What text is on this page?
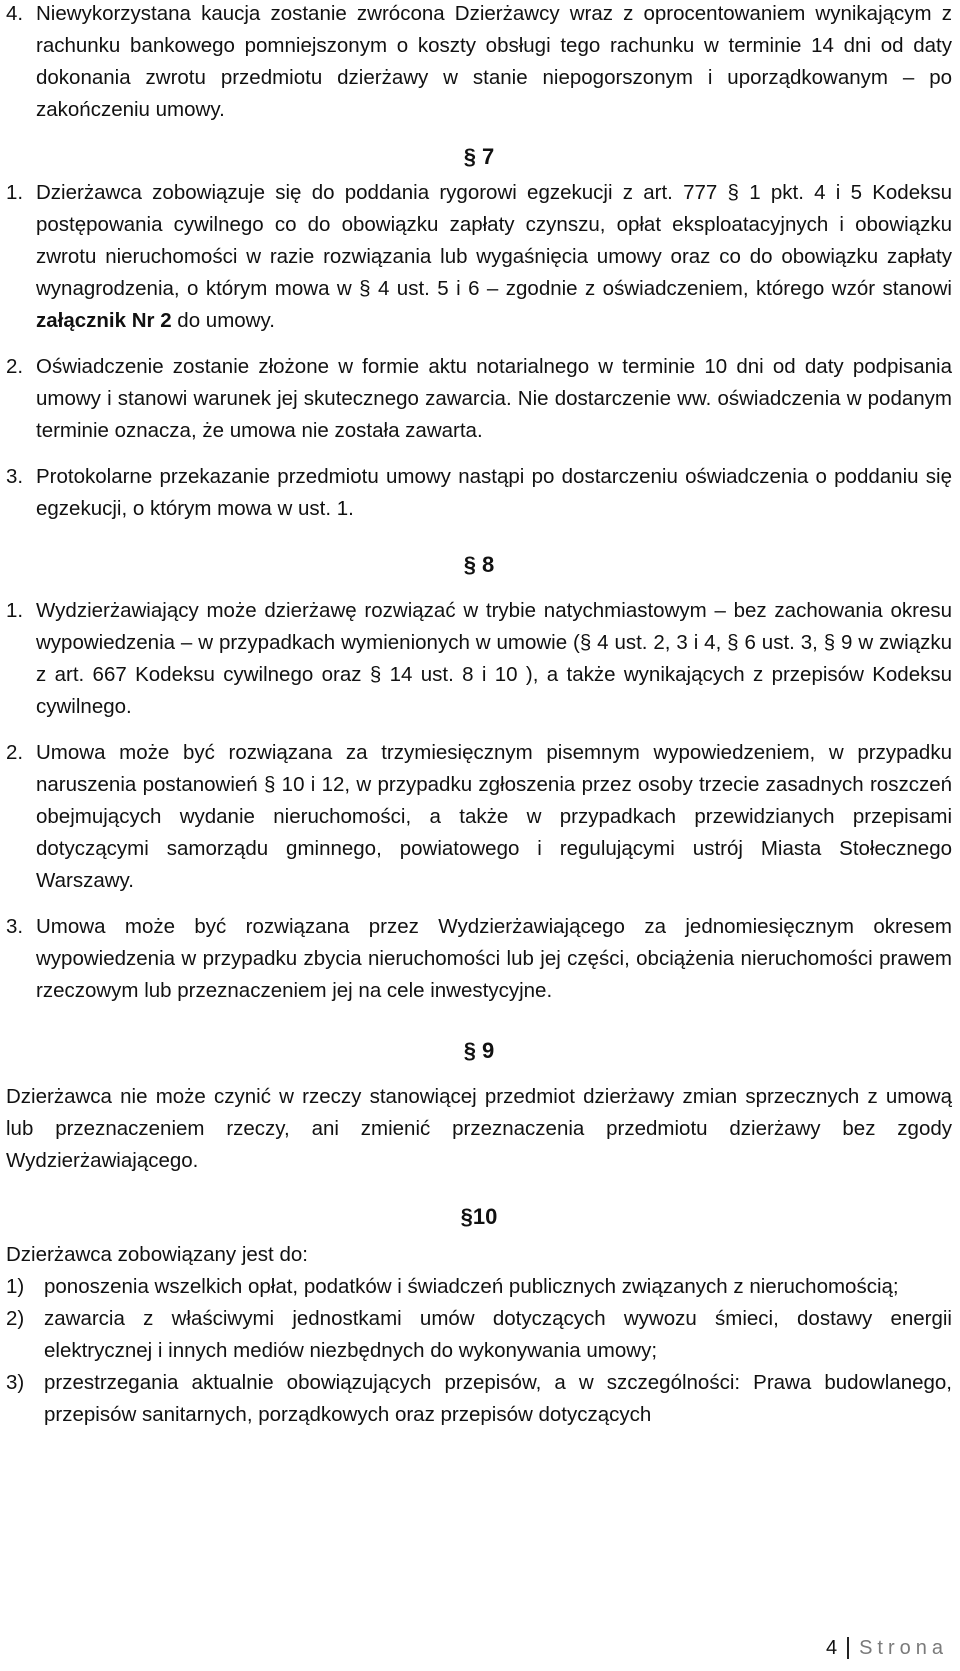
4. Niewykorzystana kaucja zostanie zwrócona Dzierżawcy wraz z oprocentowaniem wynikającym z rachunku bankowego pomniejszonym o koszty obsługi tego rachunku w terminie 14 dni od daty dokonania zwrotu przedmiotu dzierżawy w stanie niepogorszonym i uporządkowanym – po zakończeniu umowy.

§ 7

1. Dzierżawca zobowiązuje się do poddania rygorowi egzekucji z art. 777 § 1 pkt. 4 i 5 Kodeksu postępowania cywilnego co do obowiązku zapłaty czynszu, opłat eksploatacyjnych i obowiązku zwrotu nieruchomości w razie rozwiązania lub wygaśnięcia umowy oraz co do obowiązku zapłaty wynagrodzenia, o którym mowa w § 4 ust. 5 i 6 – zgodnie z oświadczeniem, którego wzór stanowi załącznik Nr 2 do umowy.

2. Oświadczenie zostanie złożone w formie aktu notarialnego w terminie 10 dni od daty podpisania umowy i stanowi warunek jej skutecznego zawarcia. Nie dostarczenie ww. oświadczenia w podanym terminie oznacza, że umowa nie została zawarta.

3. Protokolarne przekazanie przedmiotu umowy nastąpi po dostarczeniu oświadczenia o poddaniu się egzekucji, o którym mowa w ust. 1.

§ 8

1. Wydzierżawiający może dzierżawę rozwiązać w trybie natychmiastowym – bez zachowania okresu wypowiedzenia – w przypadkach wymienionych w umowie (§ 4 ust. 2, 3 i 4, § 6 ust. 3, § 9 w związku z art. 667 Kodeksu cywilnego oraz § 14 ust. 8 i 10 ), a także wynikających z przepisów Kodeksu cywilnego.

2. Umowa może być rozwiązana za trzymiesięcznym pisemnym wypowiedzeniem, w przypadku naruszenia postanowień § 10 i 12, w przypadku zgłoszenia przez osoby trzecie zasadnych roszczeń obejmujących wydanie nieruchomości, a także w przypadkach przewidzianych przepisami dotyczącymi samorządu gminnego, powiatowego i regulującymi ustrój Miasta Stołecznego Warszawy.

3. Umowa może być rozwiązana przez Wydzierżawiającego za jednomiesięcznym okresem wypowiedzenia w przypadku zbycia nieruchomości lub jej części, obciążenia nieruchomości prawem rzeczowym lub przeznaczeniem jej na cele inwestycyjne.

§ 9

Dzierżawca nie może czynić w rzeczy stanowiącej przedmiot dzierżawy zmian sprzecznych z umową lub przeznaczeniem rzeczy, ani zmienić przeznaczenia przedmiotu dzierżawy bez zgody Wydzierżawiającego.

§10

Dzierżawca zobowiązany jest do:

1) ponoszenia wszelkich opłat, podatków i świadczeń publicznych związanych z nieruchomością;

2) zawarcia z właściwymi jednostkami umów dotyczących wywozu śmieci, dostawy energii elektrycznej i innych mediów niezbędnych do wykonywania umowy;

3) przestrzegania aktualnie obowiązujących przepisów, a w szczególności: Prawa budowlanego, przepisów sanitarnych, porządkowych oraz przepisów dotyczących

4 Strona
